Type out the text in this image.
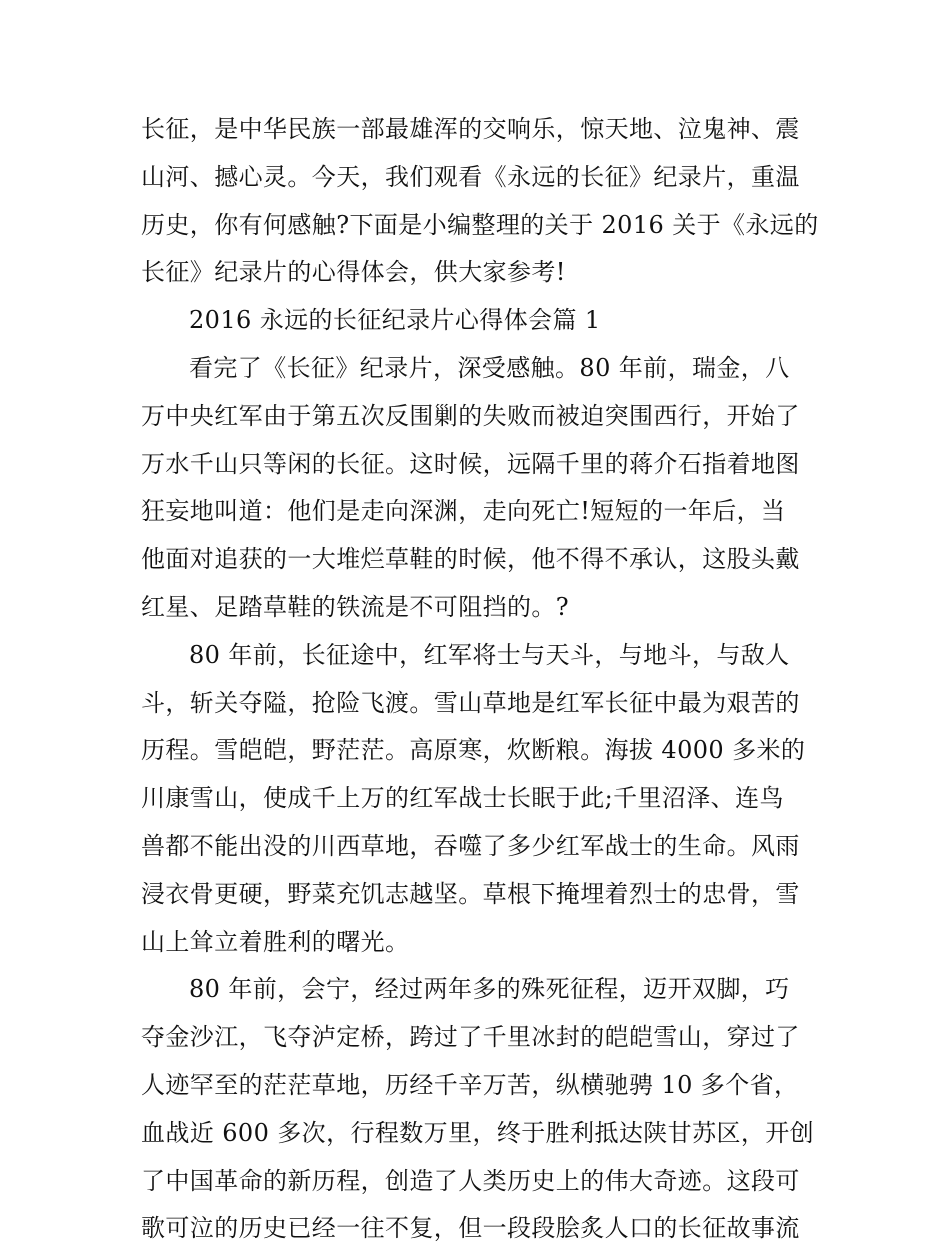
长征，是中华民族一部最雄浑的交响乐，惊天地、泣鬼神、震
山河、撼心灵。今天，我们观看《永远的长征》纪录片，重温
历史，你有何感触?下面是小编整理的关于 2016 关于《永远的
长征》纪录片的心得体会，供大家参考!
2016 永远的长征纪录片心得体会篇 1
看完了《长征》纪录片，深受感触。80 年前，瑞金，八
万中央红军由于第五次反围剿的失败而被迫突围西行，开始了
万水千山只等闲的长征。这时候，远隔千里的蒋介石指着地图
狂妄地叫道：他们是走向深渊，走向死亡!短短的一年后，当
他面对追获的一大堆烂草鞋的时候，他不得不承认，这股头戴
红星、足踏草鞋的铁流是不可阻挡的。?
80 年前，长征途中，红军将士与天斗，与地斗，与敌人
斗，斩关夺隘，抢险飞渡。雪山草地是红军长征中最为艰苦的
历程。雪皑皑，野茫茫。高原寒，炊断粮。海拔 4000 多米的
川康雪山，使成千上万的红军战士长眠于此;千里沼泽、连鸟
兽都不能出没的川西草地，吞噬了多少红军战士的生命。风雨
浸衣骨更硬，野菜充饥志越坚。草根下掩埋着烈士的忠骨，雪
山上耸立着胜利的曙光。
80 年前，会宁，经过两年多的殊死征程，迈开双脚，巧
夺金沙江，飞夺泸定桥，跨过了千里冰封的皑皑雪山，穿过了
人迹罕至的茫茫草地，历经千辛万苦，纵横驰骋 10 多个省，
血战近 600 多次，行程数万里，终于胜利抵达陕甘苏区，开创
了中国革命的新历程，创造了人类历史上的伟大奇迹。这段可
歌可泣的历史已经一往不复，但一段段脍炙人口的长征故事流
